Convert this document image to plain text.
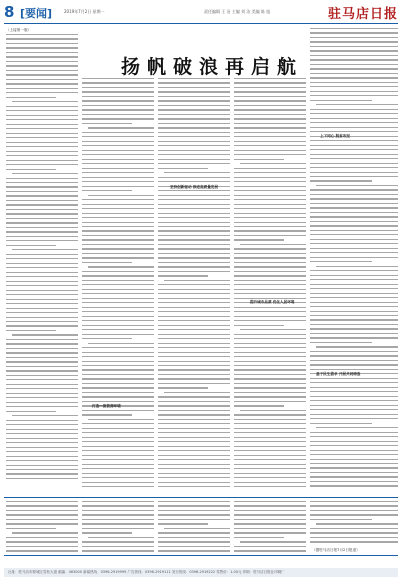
8 [要闻]	2019年7月2日 星期一	责任编辑 王 洁 主编 刘 洁 美编 陈 旭	驻马店日报
扬帆破浪再启航
（上接第一版）
坚持创新驱动 推进高质量发展
提升城市品质 优化人居环境
上下同心 脱贫攻坚
基于民生需求 开展共同缔造
打造一流营商环境
（据驻马店日报7月2日报道）
社址：驻马店市驿城区雪松大道 邮编：463000 新闻热线：0396-2919999 广告热线：0396-2919111 发行热线：0396-2919222 零售价：1.00元 印刷：驻马店日报社印刷厂
